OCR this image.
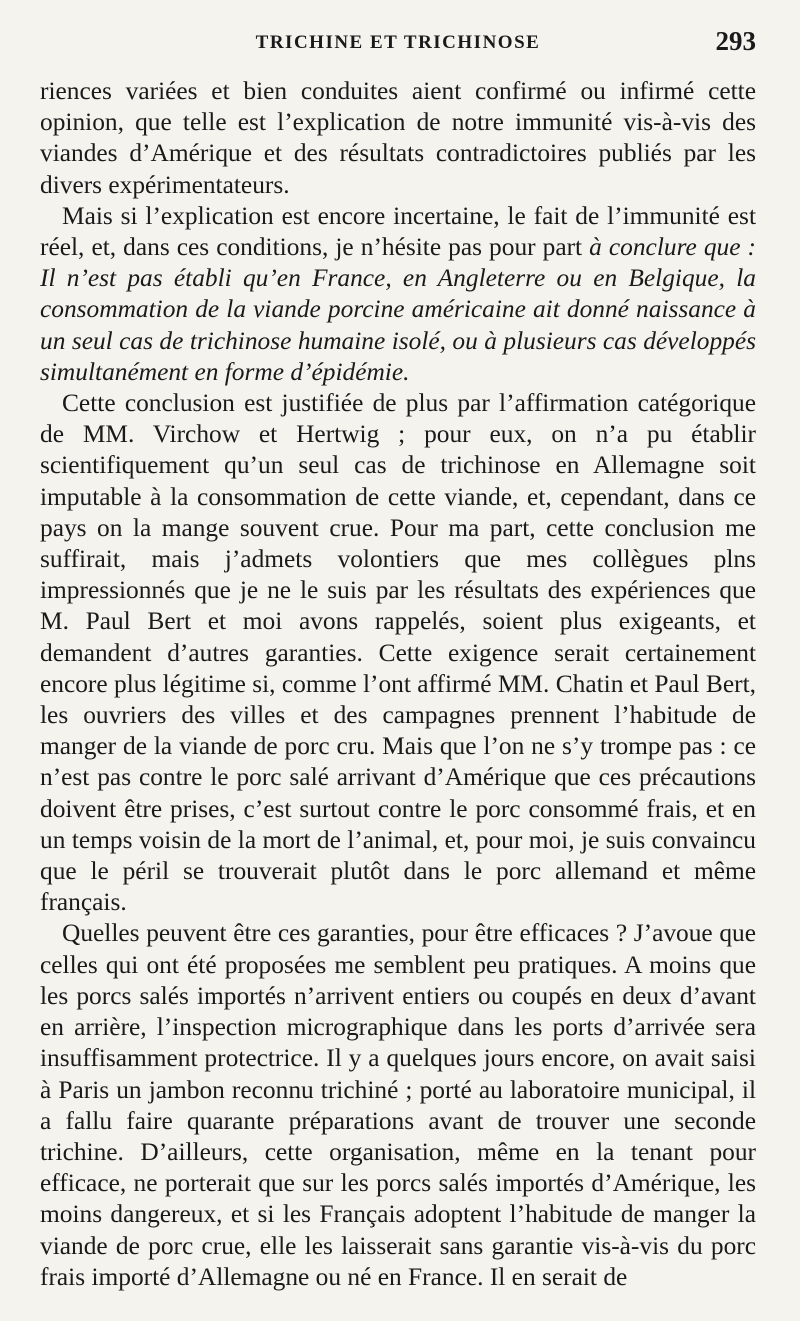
TRICHINE ET TRICHINOSE	293

riences variées et bien conduites aient confirmé ou infirmé cette opinion, que telle est l’explication de notre immunité vis-à-vis des viandes d’Amérique et des résultats contradictoires publiés par les divers expérimentateurs.

Mais si l’explication est encore incertaine, le fait de l’immunité est réel, et, dans ces conditions, je n’hésite pas pour part à conclure que : Il n’est pas établi qu’en France, en Angleterre ou en Belgique, la consommation de la viande porcine américaine ait donné naissance à un seul cas de trichinose humaine isolé, ou à plusieurs cas développés simultanément en forme d’épidémie.

Cette conclusion est justifiée de plus par l’affirmation catégorique de MM. Virchow et Hertwig ; pour eux, on n’a pu établir scientifiquement qu’un seul cas de trichinose en Allemagne soit imputable à la consommation de cette viande, et, cependant, dans ce pays on la mange souvent crue. Pour ma part, cette conclusion me suffirait, mais j’admets volontiers que mes collègues plns impressionnés que je ne le suis par les résultats des expériences que M. Paul Bert et moi avons rappelés, soient plus exigeants, et demandent d’autres garanties. Cette exigence serait certainement encore plus légitime si, comme l’ont affirmé MM. Chatin et Paul Bert, les ouvriers des villes et des campagnes prennent l’habitude de manger de la viande de porc cru. Mais que l’on ne s’y trompe pas : ce n’est pas contre le porc salé arrivant d’Amérique que ces précautions doivent être prises, c’est surtout contre le porc consommé frais, et en un temps voisin de la mort de l’animal, et, pour moi, je suis convaincu que le péril se trouverait plutôt dans le porc allemand et même français.

Quelles peuvent être ces garanties, pour être efficaces ? J’avoue que celles qui ont été proposées me semblent peu pratiques. A moins que les porcs salés importés n’arrivent entiers ou coupés en deux d’avant en arrière, l’inspection micrographique dans les ports d’arrivée sera insuffisamment protectrice. Il y a quelques jours encore, on avait saisi à Paris un jambon reconnu trichiné ; porté au laboratoire municipal, il a fallu faire quarante préparations avant de trouver une seconde trichine. D’ailleurs, cette organisation, même en la tenant pour efficace, ne porterait que sur les porcs salés importés d’Amérique, les moins dangereux, et si les Français adoptent l’habitude de manger la viande de porc crue, elle les laisserait sans garantie vis-à-vis du porc frais importé d’Allemagne ou né en France. Il en serait de
